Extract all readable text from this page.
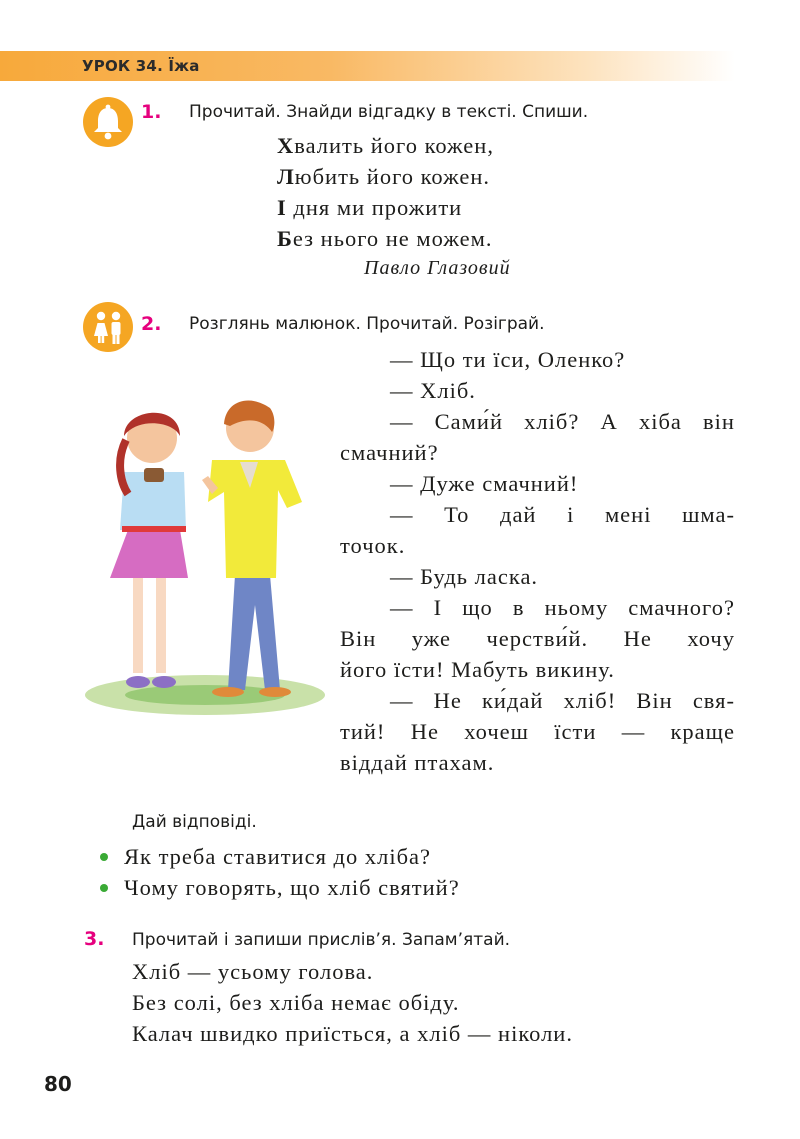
УРОК 34. Їжа
1. Прочитай. Знайди відгадку в тексті. Спиши.
Хвалить його кожен,
Любить його кожен.
І дня ми прожити
Без нього не можем.
Павло Глазовий
2. Розглянь малюнок. Прочитай. Розіграй.
— Що ти їси, Оленко?
— Хліб.
— Сами́й хліб? А хіба він
смачний?
— Дуже смачний!
— То дай і мені шма-
точок.
— Будь ласка.
— І що в ньому смачного?
Він уже черстви́й. Не хочу
його їсти! Мабуть викину.
— Не ки́дай хліб! Він свя-
тий! Не хочеш їсти — краще
віддай птахам.
Дай відповіді.
Як треба ставитися до хліба?
Чому говорять, що хліб святий?
3. Прочитай і запиши прислів’я. Запам’ятай.
Хліб — усьому голова.
Без солі, без хліба немає обіду.
Калач швидко приїсться, а хліб — ніколи.
80
